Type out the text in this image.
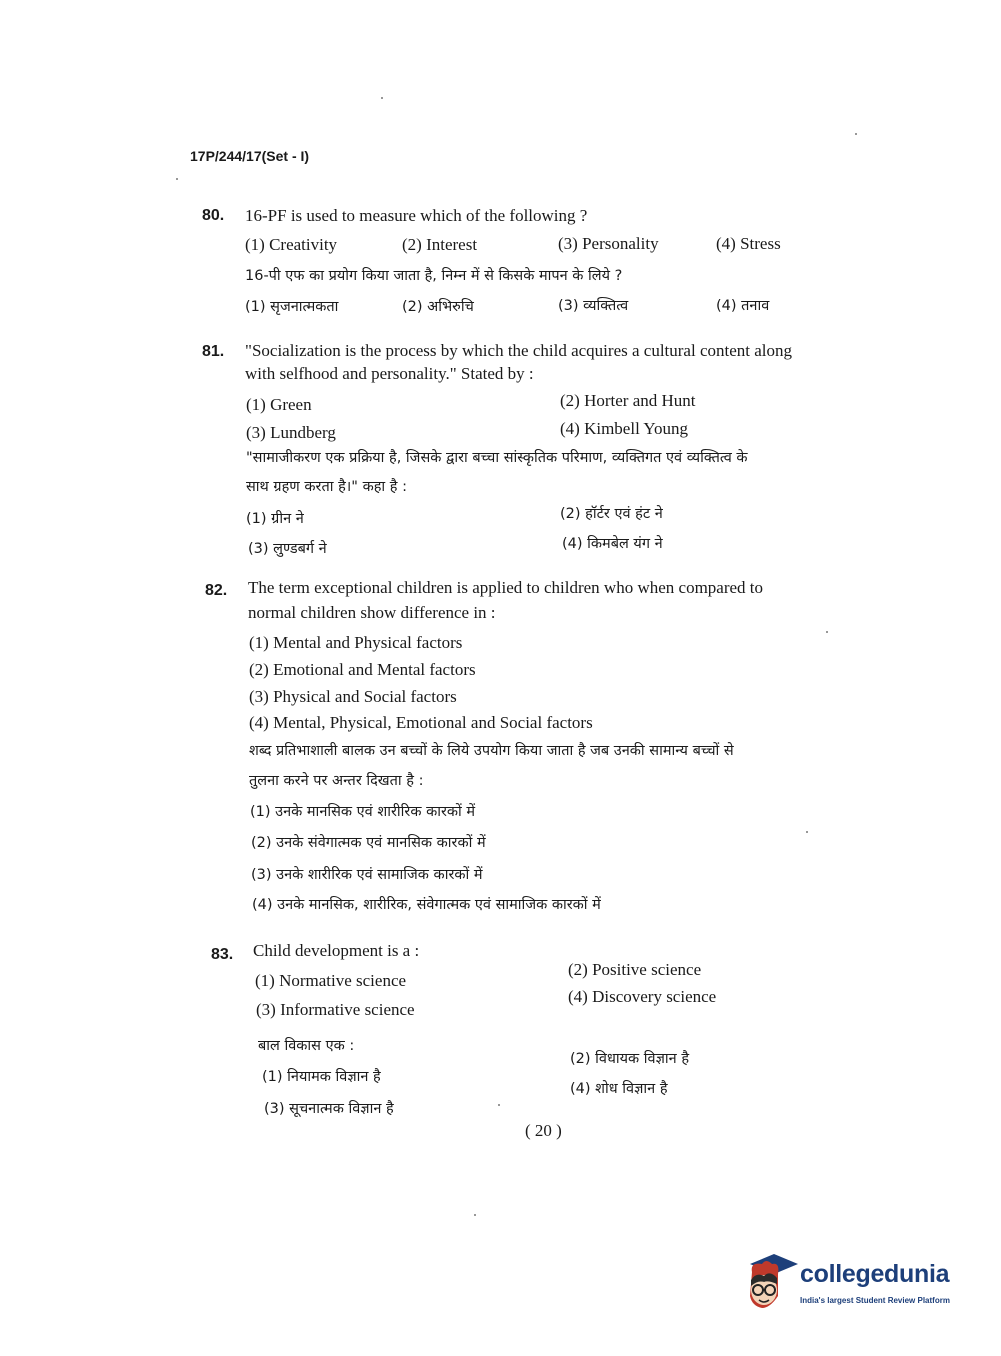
17P/244/17(Set - I)
80. 16-PF is used to measure which of the following ?
(1) Creativity	(2) Interest	(3) Personality	(4) Stress
16-पी एफ का प्रयोग किया जाता है, निम्न में से किसके मापन के लिये ?
(1) सृजनात्मकता	(2) अभिरुचि	(3) व्यक्तित्व	(4) तनाव
81. "Socialization is the process by which the child acquires a cultural content along
with selfhood and personality." Stated by :
(1) Green	(2) Horter and Hunt
(3) Lundberg	(4) Kimbell Young
"सामाजीकरण एक प्रक्रिया है, जिसके द्वारा बच्चा सांस्कृतिक परिमाण, व्यक्तिगत एवं व्यक्तित्व के
साथ ग्रहण करता है।" कहा है :
(1) ग्रीन ने	(2) हॉर्टर एवं हंट ने
(3) लुण्डबर्ग ने	(4) किमबेल यंग ने
82. The term exceptional children is applied to children who when compared to
normal children show difference in :
(1) Mental and Physical factors
(2) Emotional and Mental factors
(3) Physical and Social factors
(4) Mental, Physical, Emotional and Social factors
शब्द प्रतिभाशाली बालक उन बच्चों के लिये उपयोग किया जाता है जब उनकी सामान्य बच्चों से
तुलना करने पर अन्तर दिखता है :
(1) उनके मानसिक एवं शारीरिक कारकों में
(2) उनके संवेगात्मक एवं मानसिक कारकों में
(3) उनके शारीरिक एवं सामाजिक कारकों में
(4) उनके मानसिक, शारीरिक, संवेगात्मक एवं सामाजिक कारकों में
83. Child development is a :
(1) Normative science
(2) Positive science
(3) Informative science
(4) Discovery science
बाल विकास एक :
(1) नियामक विज्ञान है
(2) विधायक विज्ञान है
(3) सूचनात्मक विज्ञान है
(4) शोध विज्ञान है
( 20 )
collegedunia
India's largest Student Review Platform
